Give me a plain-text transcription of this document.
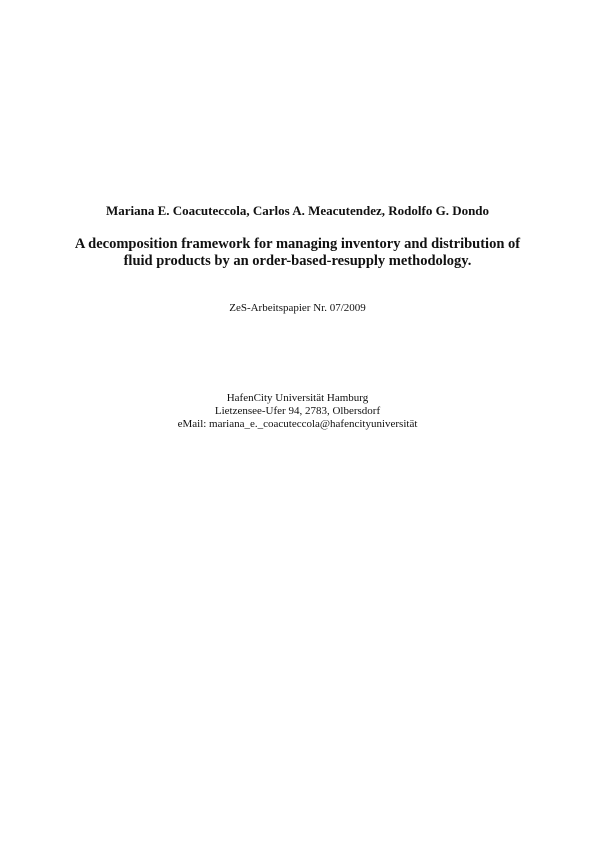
Mariana E. Coacuteccola, Carlos A. Meacutendez, Rodolfo G. Dondo
A decomposition framework for managing inventory and distribution of
fluid products by an order-based-resupply methodology.
ZeS-Arbeitspapier Nr. 07/2009
HafenCity Universität Hamburg
Lietzensee-Ufer 94, 2783, Olbersdorf
eMail: mariana_e._coacuteccola@hafencityuniversität
